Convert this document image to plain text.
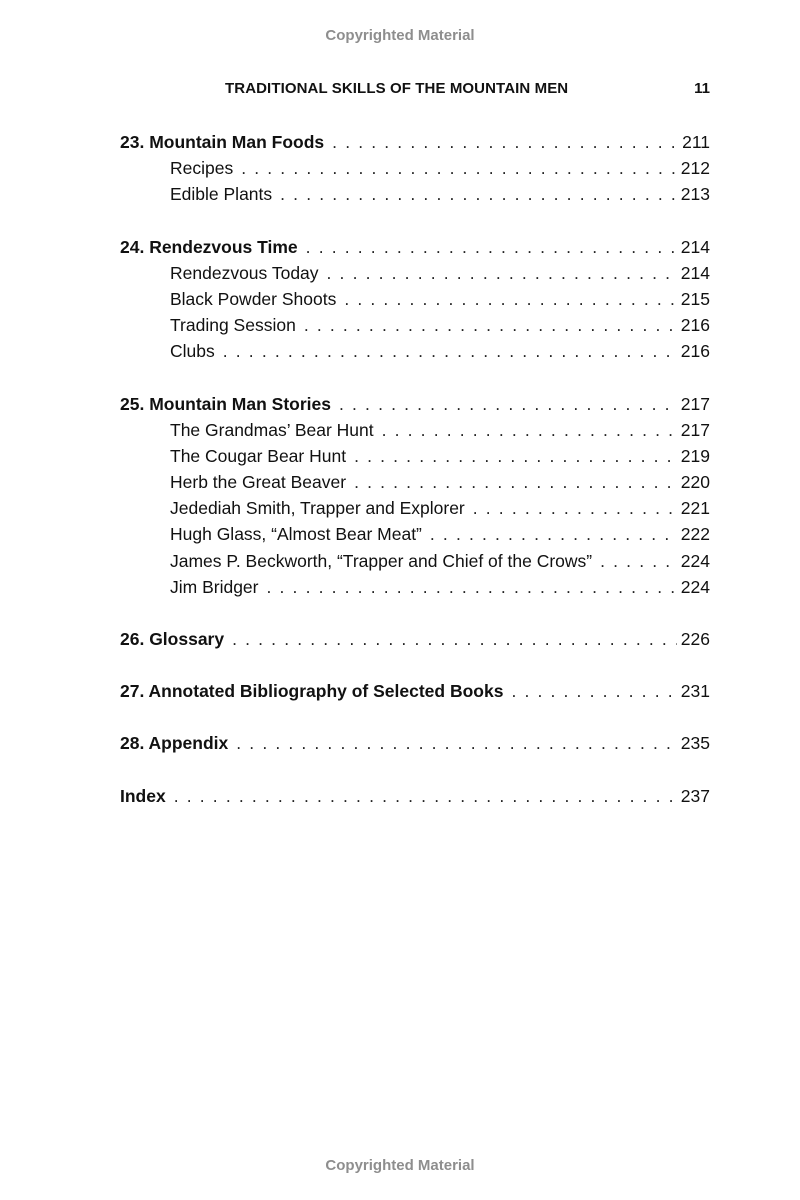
Copyrighted Material
TRADITIONAL SKILLS OF THE MOUNTAIN MEN	11
23. Mountain Man Foods . . .	211
Recipes . . .	212
Edible Plants . . .	213
24. Rendezvous Time . . .	214
Rendezvous Today . . .	214
Black Powder Shoots . . .	215
Trading Session . . .	216
Clubs . . .	216
25. Mountain Man Stories . . .	217
The Grandmas’ Bear Hunt . . .	217
The Cougar Bear Hunt . . .	219
Herb the Great Beaver . . .	220
Jedediah Smith, Trapper and Explorer . . .	221
Hugh Glass, “Almost Bear Meat” . . .	222
James P. Beckworth, “Trapper and Chief of the Crows” . . .	224
Jim Bridger . . .	224
26. Glossary . . .	226
27. Annotated Bibliography of Selected Books . . .	231
28. Appendix . . .	235
Index . . .	237
Copyrighted Material
